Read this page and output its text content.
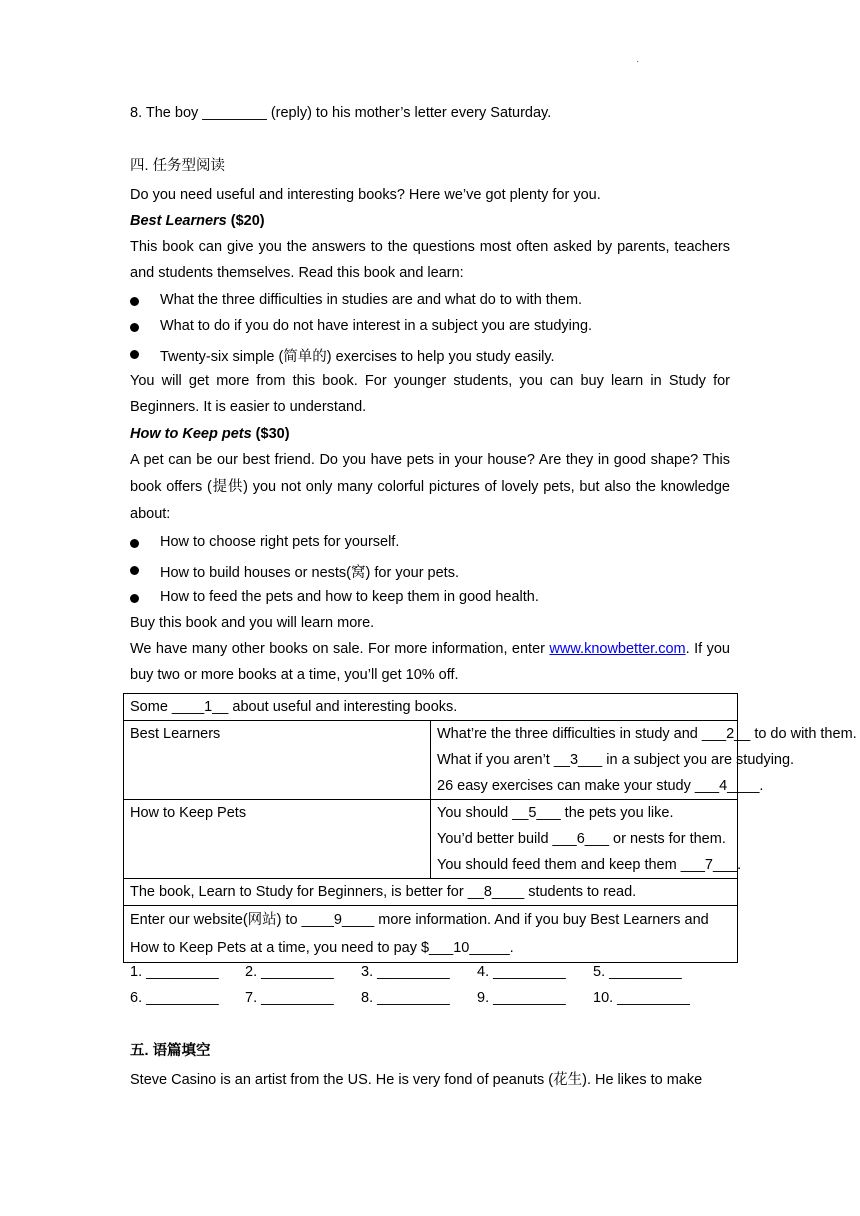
·
8. The boy ________ (reply) to his mother’s letter every Saturday.
四. 任务型阅读
Do you need useful and interesting books? Here we’ve got plenty for you.
Best Learners ($20)
This book can give you the answers to the questions most often asked by parents, teachers and students themselves. Read this book and learn:
What the three difficulties in studies are and what do to with them.
What to do if you do not have interest in a subject you are studying.
Twenty-six simple (简单的) exercises to help you study easily.
You will get more from this book. For younger students, you can buy learn in Study for Beginners. It is easier to understand.
How to Keep pets ($30)
A pet can be our best friend. Do you have pets in your house? Are they in good shape? This book offers (提供) you not only many colorful pictures of lovely pets, but also the knowledge about:
How to choose right pets for yourself.
How to build houses or nests(窝) for your pets.
How to feed the pets and how to keep them in good health.
Buy this book and you will learn more.
We have many other books on sale. For more information, enter www.knowbetter.com. If you buy two or more books at a time, you’ll get 10% off.
Some ____1__ about useful and interesting books.	

Best Learners	What’re the three difficulties in study and ___2__ to do with them.
What if you aren’t __3___ in a subject you are studying.
26 easy exercises can make your study ___4____.

How to Keep Pets	You should __5___ the pets you like.
You’d better build ___6___ or nests for them.
You should feed them and keep them ___7___.

The book, Learn to Study for Beginners, is better for __8____ students to read.	

Enter our website(网站) to ____9____ more information. And if you buy Best Learners and
How to Keep Pets at a time, you need to pay $___10_____.	
1. _________ 2. _________ 3. _________ 4. _________ 5. _________
6. _________ 7. _________ 8. _________ 9. _________ 10. _________
五. 语篇填空
Steve Casino is an artist from the US. He is very fond of peanuts (花生). He likes to make
